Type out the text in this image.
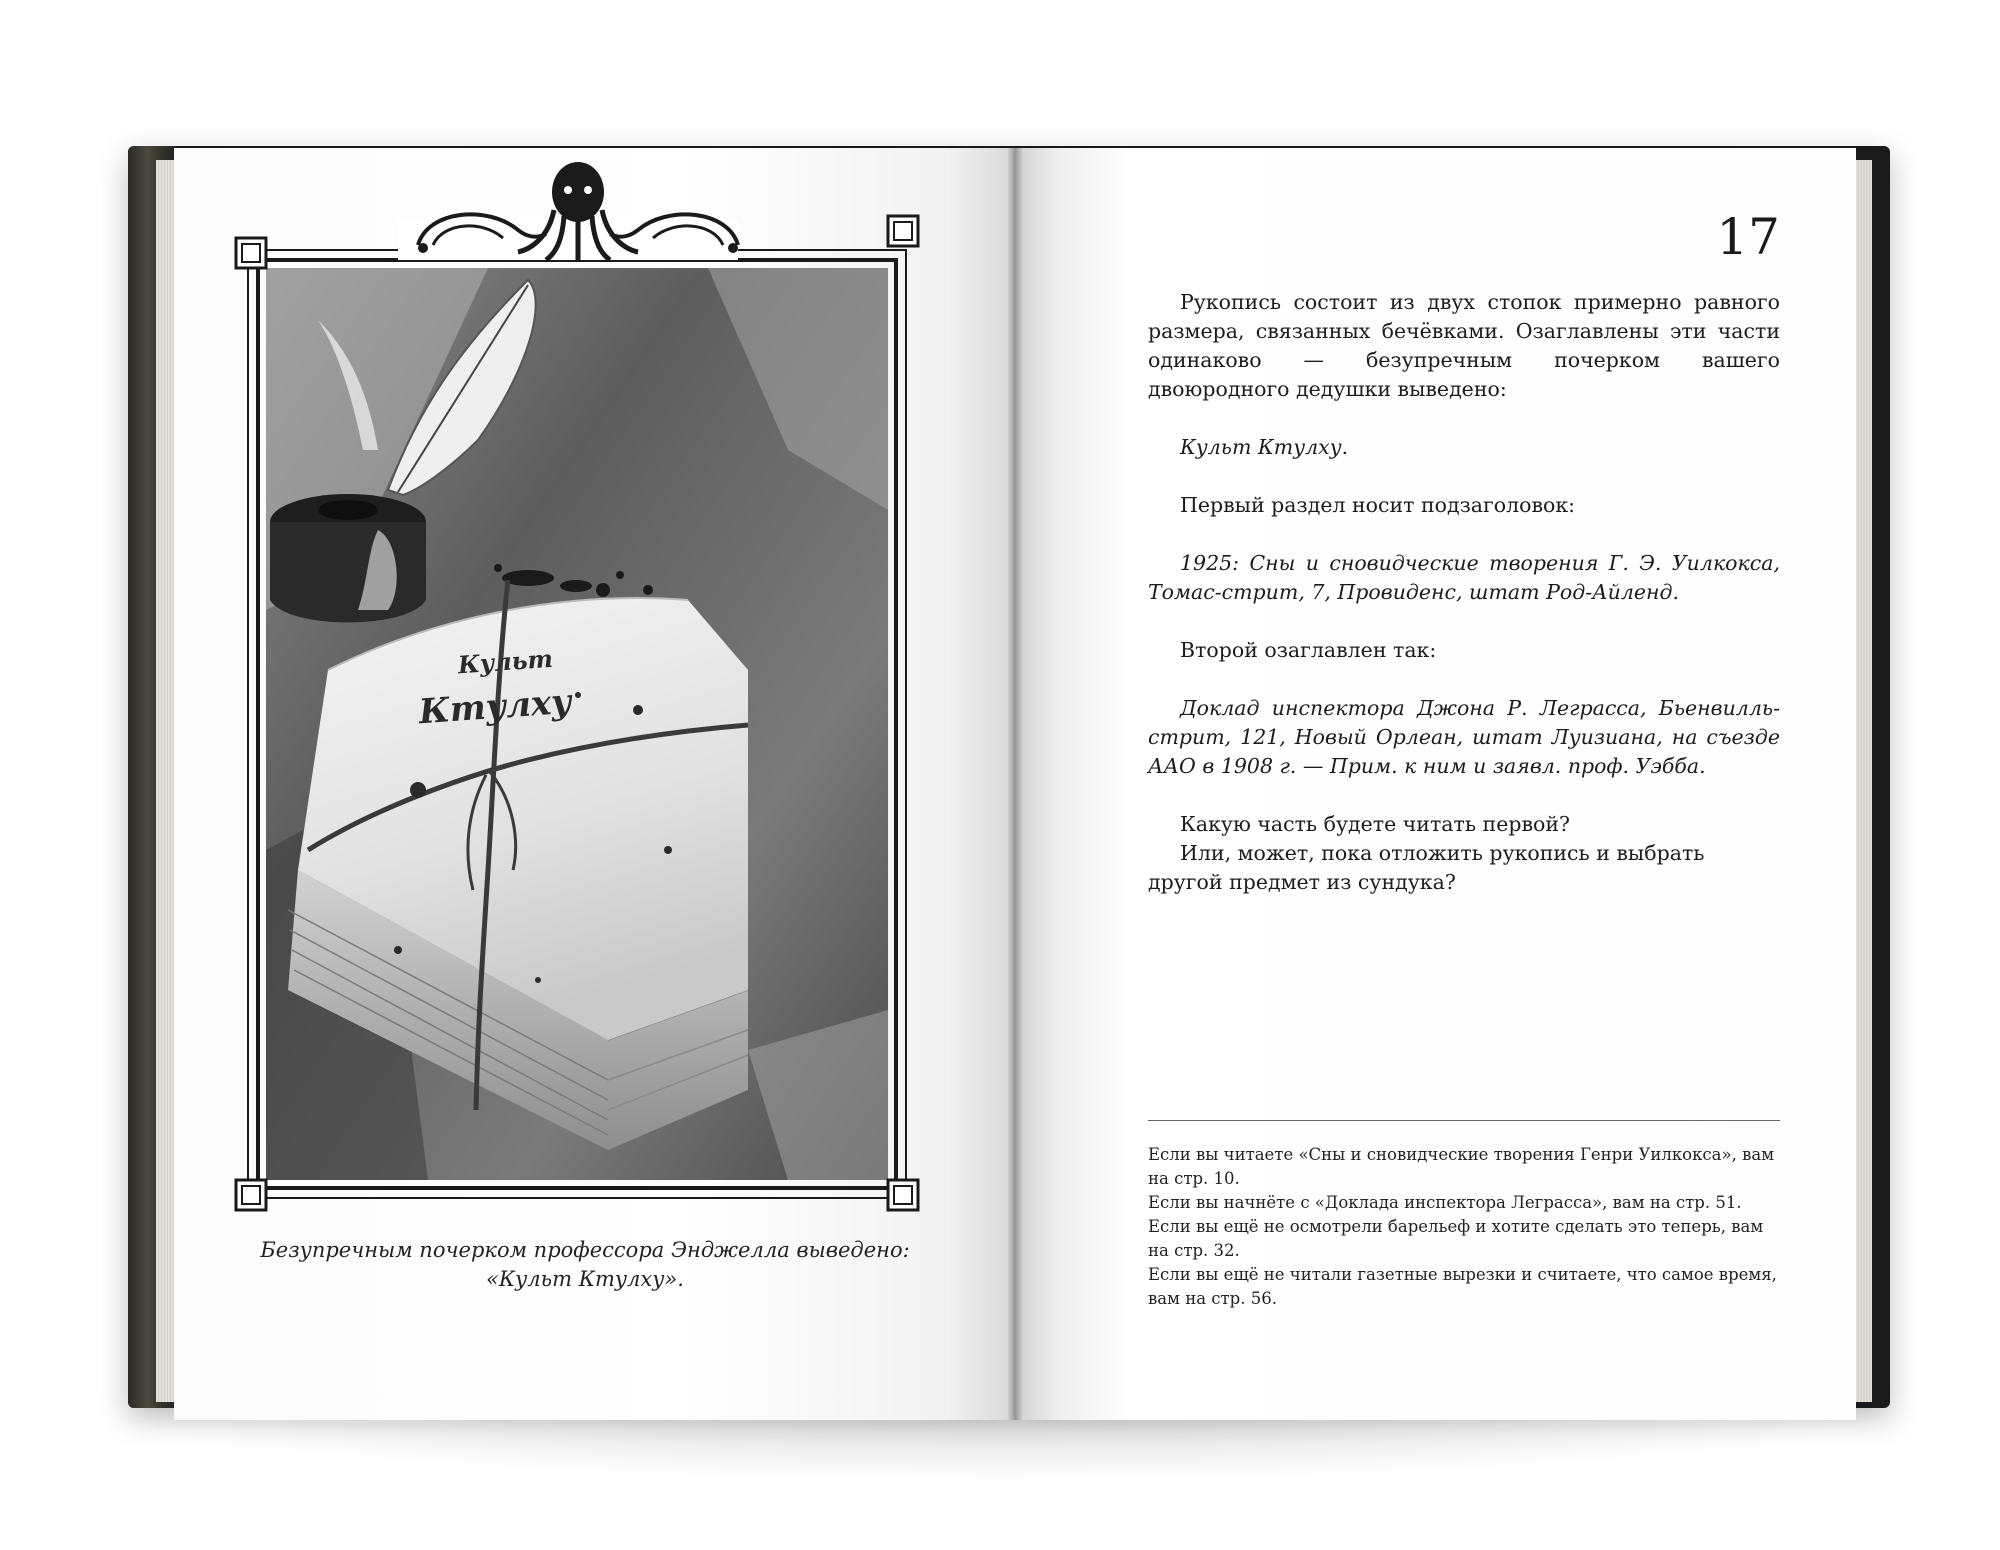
Культ
Ктулху
Безупречным почерком профессора Энджелла выведено:
«Культ Ктулху».
17

Рукопись состоит из двух стопок примерно равного размера, связанных бечёвками. Озаглавлены эти части одинаково — безупречным почерком вашего двоюродного дедушки выведено:

Культ Ктулху.

Первый раздел носит подзаголовок:

1925: Сны и сновидческие творения Г. Э. Уилкокса, Томас-стрит, 7, Провиденс, штат Род-Айленд.

Второй озаглавлен так:

Доклад инспектора Джона Р. Леграсса, Бьенвилль-стрит, 121, Новый Орлеан, штат Луизиана, на съезде ААО в 1908 г. — Прим. к ним и заявл. проф. Уэбба.

Какую часть будете читать первой?

Или, может, пока отложить рукопись и выбрать другой предмет из сундука?

Если вы читаете «Сны и сновидческие творения Генри Уилкокса», вам на стр. 10.

Если вы начнёте с «Доклада инспектора Леграсса», вам на стр. 51.

Если вы ещё не осмотрели барельеф и хотите сделать это теперь, вам на стр. 32.

Если вы ещё не читали газетные вырезки и считаете, что самое время, вам на стр. 56.
